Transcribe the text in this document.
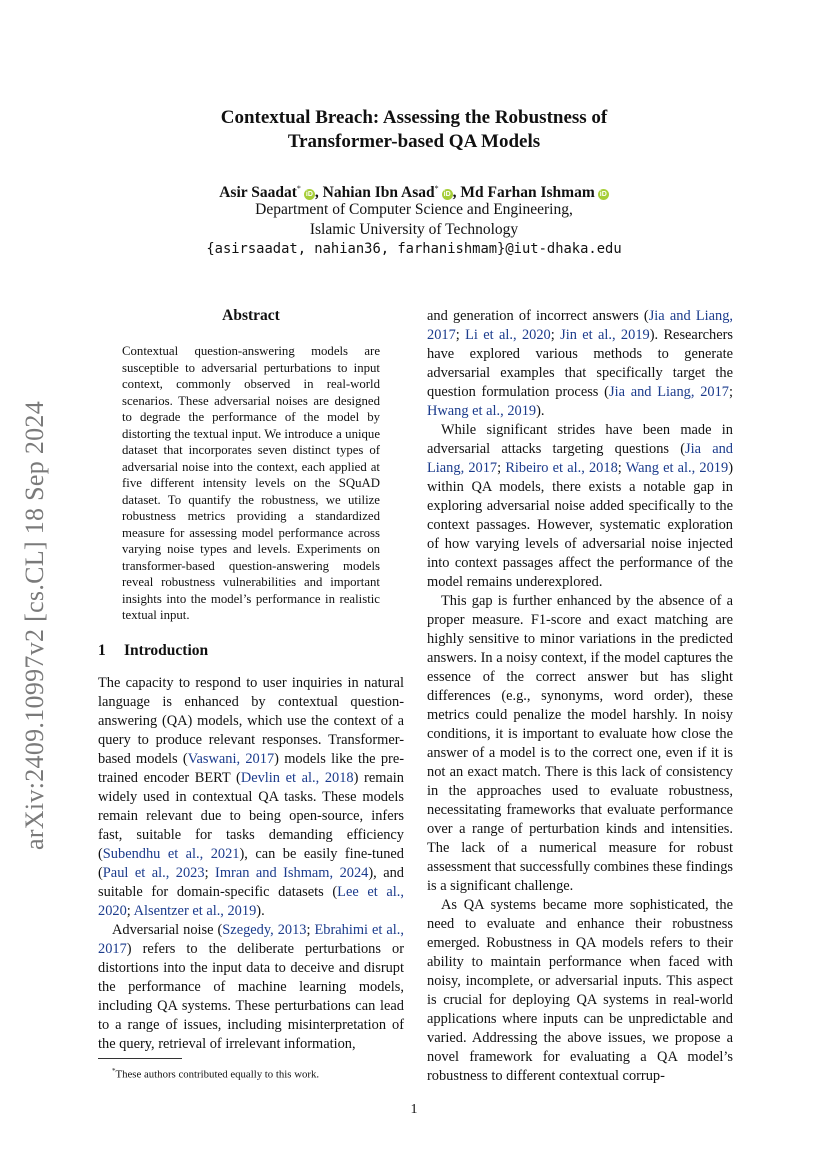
Contextual Breach: Assessing the Robustness of
Transformer-based QA Models
Asir Saadat*iD , Nahian Ibn Asad*iD , Md Farhan Ishmam iD
Department of Computer Science and Engineering,
Islamic University of Technology
{asirsaadat, nahian36, farhanishmam}@iut-dhaka.edu
arXiv:2409.10997v2 [cs.CL] 18 Sep 2024
Abstract
Contextual question-answering models are susceptible to adversarial perturbations to input context, commonly observed in real-world scenarios. These adversarial noises are designed to degrade the performance of the model by distorting the textual input. We introduce a unique dataset that incorporates seven distinct types of adversarial noise into the context, each applied at five different intensity levels on the SQuAD dataset. To quantify the robustness, we utilize robustness metrics providing a standardized measure for assessing model performance across varying noise types and levels. Experiments on transformer-based question-answering models reveal robustness vulnerabilities and important insights into the model’s performance in realistic textual input.
1 Introduction

The capacity to respond to user inquiries in natural language is enhanced by contextual question-answering (QA) models, which use the context of a query to produce relevant responses. Transformer-based models (Vaswani, 2017) models like the pre-trained encoder BERT (Devlin et al., 2018) remain widely used in contextual QA tasks. These models remain relevant due to being open-source, infers fast, suitable for tasks demanding efficiency (Subendhu et al., 2021), can be easily fine-tuned (Paul et al., 2023; Imran and Ishmam, 2024), and suitable for domain-specific datasets (Lee et al., 2020; Alsentzer et al., 2019).

Adversarial noise (Szegedy, 2013; Ebrahimi et al., 2017) refers to the deliberate perturbations or distortions into the input data to deceive and disrupt the performance of machine learning models, including QA systems. These perturbations can lead to a range of issues, including misinterpretation of the query, retrieval of irrelevant information,

and generation of incorrect answers (Jia and Liang, 2017; Li et al., 2020; Jin et al., 2019). Researchers have explored various methods to generate adversarial examples that specifically target the question formulation process (Jia and Liang, 2017; Hwang et al., 2019).

While significant strides have been made in adversarial attacks targeting questions (Jia and Liang, 2017; Ribeiro et al., 2018; Wang et al., 2019) within QA models, there exists a notable gap in exploring adversarial noise added specifically to the context passages. However, systematic exploration of how varying levels of adversarial noise injected into context passages affect the performance of the model remains underexplored.

This gap is further enhanced by the absence of a proper measure. F1-score and exact matching are highly sensitive to minor variations in the predicted answers. In a noisy context, if the model captures the essence of the correct answer but has slight differences (e.g., synonyms, word order), these metrics could penalize the model harshly. In noisy conditions, it is important to evaluate how close the answer of a model is to the correct one, even if it is not an exact match. There is this lack of consistency in the approaches used to evaluate robustness, necessitating frameworks that evaluate performance over a range of perturbation kinds and intensities. The lack of a numerical measure for robust assessment that successfully combines these findings is a significant challenge.

As QA systems became more sophisticated, the need to evaluate and enhance their robustness emerged. Robustness in QA models refers to their ability to maintain performance when faced with noisy, incomplete, or adversarial inputs. This aspect is crucial for deploying QA systems in real-world applications where inputs can be unpredictable and varied. Addressing the above issues, we propose a novel framework for evaluating a QA model’s robustness to different contextual corrup-

*These authors contributed equally to this work.
1
